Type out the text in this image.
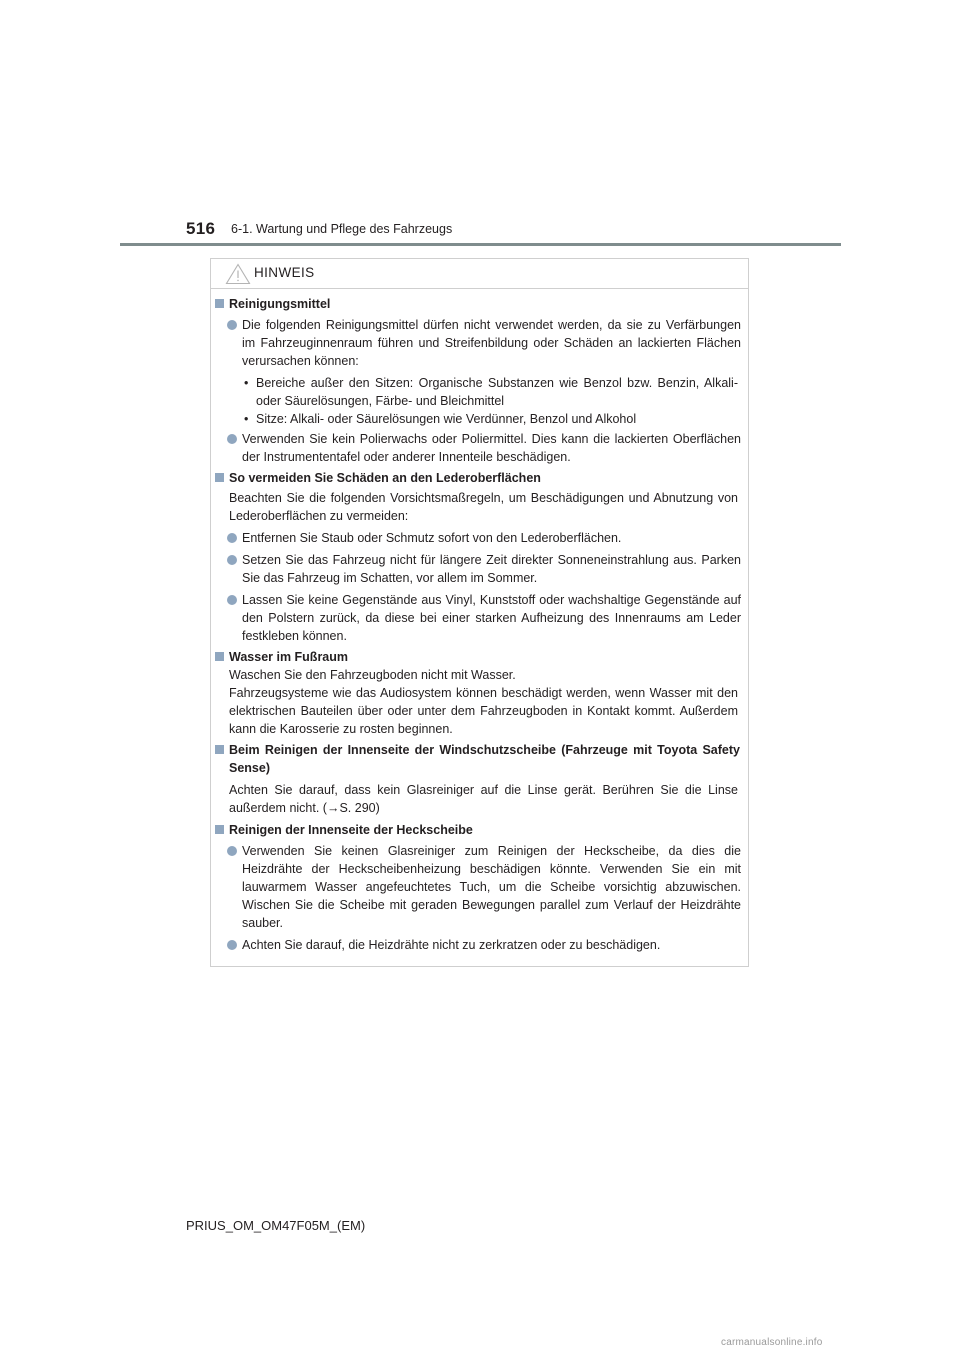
516 6-1. Wartung und Pflege des Fahrzeugs
HINWEIS
Reinigungsmittel
Die folgenden Reinigungsmittel dürfen nicht verwendet werden, da sie zu Verfärbungen im Fahrzeuginnenraum führen und Streifenbildung oder Schäden an lackierten Flächen verursachen können:
• Bereiche außer den Sitzen: Organische Substanzen wie Benzol bzw. Benzin, Alkali- oder Säurelösungen, Färbe- und Bleichmittel
• Sitze: Alkali- oder Säurelösungen wie Verdünner, Benzol und Alkohol
Verwenden Sie kein Polierwachs oder Poliermittel. Dies kann die lackierten Oberflächen der Instrumententafel oder anderer Innenteile beschädigen.
So vermeiden Sie Schäden an den Lederoberflächen
Beachten Sie die folgenden Vorsichtsmaßregeln, um Beschädigungen und Abnutzung von Lederoberflächen zu vermeiden:
Entfernen Sie Staub oder Schmutz sofort von den Lederoberflächen.
Setzen Sie das Fahrzeug nicht für längere Zeit direkter Sonneneinstrahlung aus. Parken Sie das Fahrzeug im Schatten, vor allem im Sommer.
Lassen Sie keine Gegenstände aus Vinyl, Kunststoff oder wachshaltige Gegenstände auf den Polstern zurück, da diese bei einer starken Aufheizung des Innenraums am Leder festkleben können.
Wasser im Fußraum
Waschen Sie den Fahrzeugboden nicht mit Wasser.
Fahrzeugsysteme wie das Audiosystem können beschädigt werden, wenn Wasser mit den elektrischen Bauteilen über oder unter dem Fahrzeugboden in Kontakt kommt. Außerdem kann die Karosserie zu rosten beginnen.
Beim Reinigen der Innenseite der Windschutzscheibe (Fahrzeuge mit Toyota Safety Sense)
Achten Sie darauf, dass kein Glasreiniger auf die Linse gerät. Berühren Sie die Linse außerdem nicht. (→S. 290)
Reinigen der Innenseite der Heckscheibe
Verwenden Sie keinen Glasreiniger zum Reinigen der Heckscheibe, da dies die Heizdrähte der Heckscheibenheizung beschädigen könnte. Verwenden Sie ein mit lauwarmem Wasser angefeuchtetes Tuch, um die Scheibe vorsichtig abzuwischen. Wischen Sie die Scheibe mit geraden Bewegungen parallel zum Verlauf der Heizdrähte sauber.
Achten Sie darauf, die Heizdrähte nicht zu zerkratzen oder zu beschädigen.
PRIUS_OM_OM47F05M_(EM)
carmanualsonline.info
